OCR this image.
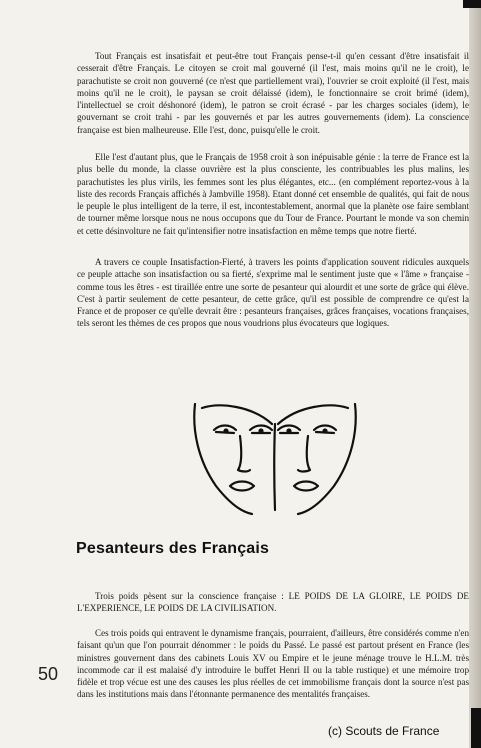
Tout Français est insatisfait et peut-être tout Français pense-t-il qu'en cessant d'être insatisfait il cesserait d'être Français. Le citoyen se croit mal gouverné (il l'est, mais moins qu'il ne le croit), le parachutiste se croit non gouverné (ce n'est que partiellement vrai), l'ouvrier se croit exploité (il l'est, mais moins qu'il ne le croit), le paysan se croit délaissé (idem), le fonctionnaire se croit brimé (idem), l'intellectuel se croit déshonoré (idem), le patron se croit écrasé - par les charges sociales (idem), le gouvernant se croit trahi - par les gouvernés et par les autres gouvernements (idem). La conscience française est bien malheureuse. Elle l'est, donc, puisqu'elle le croit.

Elle l'est d'autant plus, que le Français de 1958 croit à son inépuisable génie : la terre de France est la plus belle du monde, la classe ouvrière est la plus consciente, les contribuables les plus malins, les parachutistes les plus virils, les femmes sont les plus élégantes, etc... (en complément reportez-vous à la liste des records Français affichés à Jambville 1958). Etant donné cet ensemble de qualités, qui fait de nous le peuple le plus intelligent de la terre, il est, incontestablement, anormal que la planète ose faire semblant de tourner même lorsque nous ne nous occupons que du Tour de France. Pourtant le monde va son chemin et cette désinvolture ne fait qu'intensifier notre insatisfaction en même temps que notre fierté.

A travers ce couple Insatisfaction-Fierté, à travers les points d'application souvent ridicules auxquels ce peuple attache son insatisfaction ou sa fierté, s'exprime mal le sentiment juste que « l'âme » française - comme tous les êtres - est tiraillée entre une sorte de pesanteur qui alourdit et une sorte de grâce qui élève. C'est à partir seulement de cette pesanteur, de cette grâce, qu'il est possible de comprendre ce qu'est la France et de proposer ce qu'elle devrait être : pesanteurs françaises, grâces françaises, vocations françaises, tels seront les thèmes de ces propos que nous voudrions plus évocateurs que logiques.

Pesanteurs des Français

Trois poids pèsent sur la conscience française : LE POIDS DE LA GLOIRE, LE POIDS DE L'EXPERIENCE, LE POIDS DE LA CIVILISATION.

Ces trois poids qui entravent le dynamisme français, pourraient, d'ailleurs, être considérés comme n'en faisant qu'un que l'on pourrait dénommer : le poids du Passé. Le passé est partout présent en France (les ministres gouvernent dans des cabinets Louis XV ou Empire et le jeune ménage trouve le H.L.M. très incommode car il est malaisé d'y introduire le buffet Henri II ou la table rustique) et une mémoire trop fidèle et trop vécue est une des causes les plus réelles de cet immobilisme français dont la source n'est pas dans les institutions mais dans l'étonnante permanence des mentalités françaises.

50
(c) Scouts de France
